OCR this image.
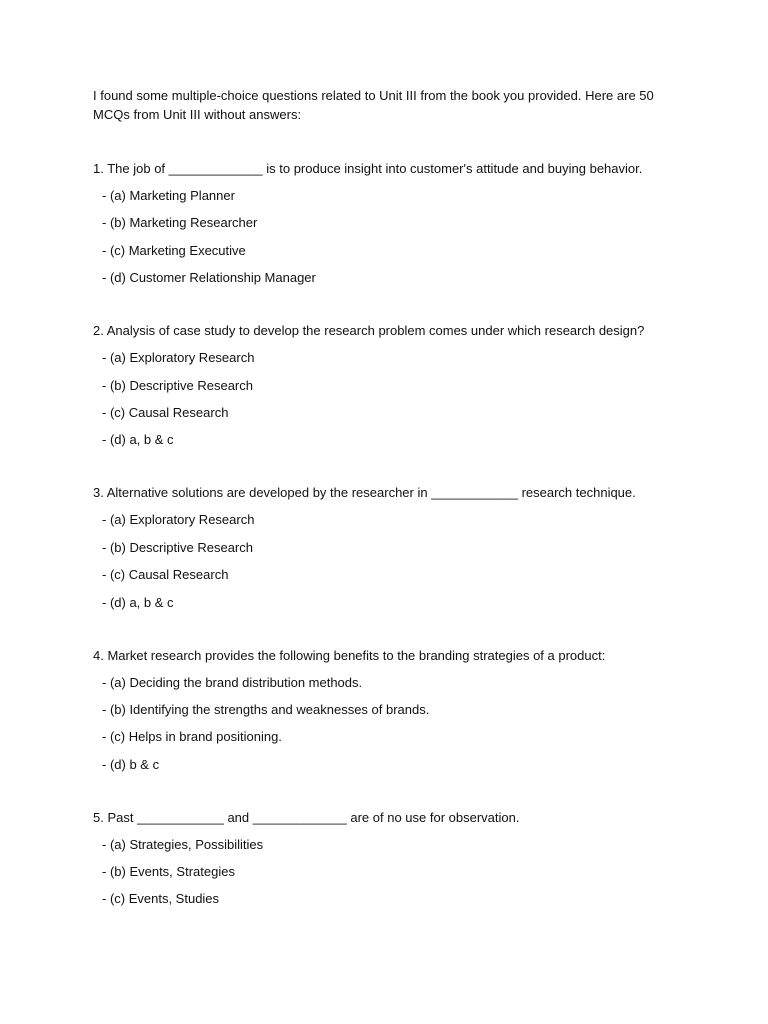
I found some multiple-choice questions related to Unit III from the book you provided. Here are 50 MCQs from Unit III without answers:

1. The job of _____________ is to produce insight into customer's attitude and buying behavior.
- (a) Marketing Planner
- (b) Marketing Researcher
- (c) Marketing Executive
- (d) Customer Relationship Manager
2. Analysis of case study to develop the research problem comes under which research design?
- (a) Exploratory Research
- (b) Descriptive Research
- (c) Causal Research
- (d) a, b & c
3. Alternative solutions are developed by the researcher in ____________ research technique.
- (a) Exploratory Research
- (b) Descriptive Research
- (c) Causal Research
- (d) a, b & c
4. Market research provides the following benefits to the branding strategies of a product:
- (a) Deciding the brand distribution methods.
- (b) Identifying the strengths and weaknesses of brands.
- (c) Helps in brand positioning.
- (d) b & c
5. Past ____________ and _____________ are of no use for observation.
- (a) Strategies, Possibilities
- (b) Events, Strategies
- (c) Events, Studies
